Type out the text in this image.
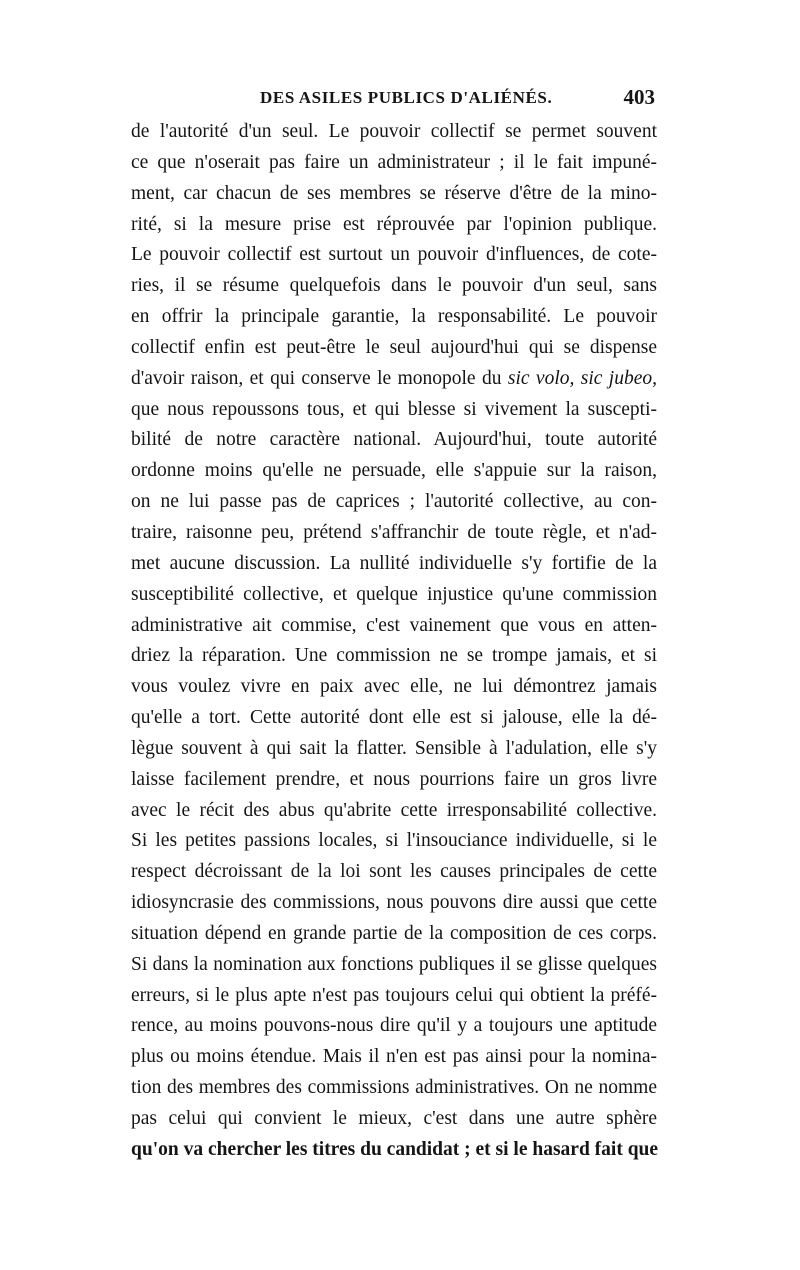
DES ASILES PUBLICS D'ALIÉNÉS.	403
de l'autorité d'un seul. Le pouvoir collectif se permet souvent
ce que n'oserait pas faire un administrateur ; il le fait impuné-
ment, car chacun de ses membres se réserve d'être de la mino-
rité, si la mesure prise est réprouvée par l'opinion publique.
Le pouvoir collectif est surtout un pouvoir d'influences, de cote-
ries, il se résume quelquefois dans le pouvoir d'un seul, sans
en offrir la principale garantie, la responsabilité. Le pouvoir
collectif enfin est peut-être le seul aujourd'hui qui se dispense
d'avoir raison, et qui conserve le monopole du sic volo, sic jubeo,
que nous repoussons tous, et qui blesse si vivement la suscepti-
bilité de notre caractère national. Aujourd'hui, toute autorité
ordonne moins qu'elle ne persuade, elle s'appuie sur la raison,
on ne lui passe pas de caprices ; l'autorité collective, au con-
traire, raisonne peu, prétend s'affranchir de toute règle, et n'ad-
met aucune discussion. La nullité individuelle s'y fortifie de la
susceptibilité collective, et quelque injustice qu'une commission
administrative ait commise, c'est vainement que vous en atten-
driez la réparation. Une commission ne se trompe jamais, et si
vous voulez vivre en paix avec elle, ne lui démontrez jamais
qu'elle a tort. Cette autorité dont elle est si jalouse, elle la dé-
lègue souvent à qui sait la flatter. Sensible à l'adulation, elle s'y
laisse facilement prendre, et nous pourrions faire un gros livre
avec le récit des abus qu'abrite cette irresponsabilité collective.
Si les petites passions locales, si l'insouciance individuelle, si le
respect décroissant de la loi sont les causes principales de cette
idiosyncrasie des commissions, nous pouvons dire aussi que cette
situation dépend en grande partie de la composition de ces corps.
Si dans la nomination aux fonctions publiques il se glisse quelques
erreurs, si le plus apte n'est pas toujours celui qui obtient la préfé-
rence, au moins pouvons-nous dire qu'il y a toujours une aptitude
plus ou moins étendue. Mais il n'en est pas ainsi pour la nomina-
tion des membres des commissions administratives. On ne nomme
pas celui qui convient le mieux, c'est dans une autre sphère
qu'on va chercher les titres du candidat ; et si le hasard fait que
